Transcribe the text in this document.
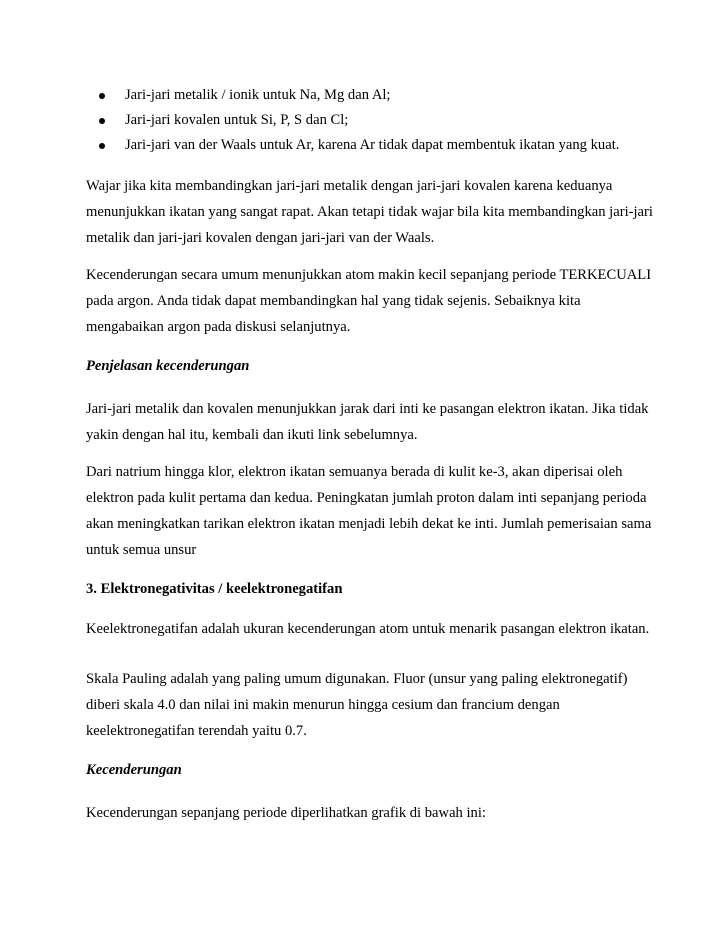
Jari-jari metalik / ionik untuk Na, Mg dan Al;
Jari-jari kovalen untuk Si, P, S dan Cl;
Jari-jari van der Waals untuk Ar, karena Ar tidak dapat membentuk ikatan yang kuat.
Wajar jika kita membandingkan jari-jari metalik dengan jari-jari kovalen karena keduanya
menunjukkan ikatan yang sangat rapat. Akan tetapi tidak wajar bila kita membandingkan jari-jari
metalik dan jari-jari kovalen dengan jari-jari van der Waals.
Kecenderungan secara umum menunjukkan atom makin kecil sepanjang periode TERKECUALI
pada argon. Anda tidak dapat membandingkan hal yang tidak sejenis. Sebaiknya kita
mengabaikan argon pada diskusi selanjutnya.
Penjelasan kecenderungan
Jari-jari metalik dan kovalen menunjukkan jarak dari inti ke pasangan elektron ikatan. Jika tidak
yakin dengan hal itu, kembali dan ikuti link sebelumnya.
Dari natrium hingga klor, elektron ikatan semuanya berada di kulit ke-3, akan diperisai oleh
elektron pada kulit pertama dan kedua. Peningkatan jumlah proton dalam inti sepanjang perioda
akan meningkatkan tarikan elektron ikatan menjadi lebih dekat ke inti. Jumlah pemerisaian sama
untuk semua unsur
3. Elektronegativitas / keelektronegatifan
Keelektronegatifan adalah ukuran kecenderungan atom untuk menarik pasangan elektron ikatan.
Skala Pauling adalah yang paling umum digunakan. Fluor (unsur yang paling elektronegatif)
diberi skala 4.0 dan nilai ini makin menurun hingga cesium dan francium dengan
keelektronegatifan terendah yaitu 0.7.
Kecenderungan
Kecenderungan sepanjang periode diperlihatkan grafik di bawah ini:
